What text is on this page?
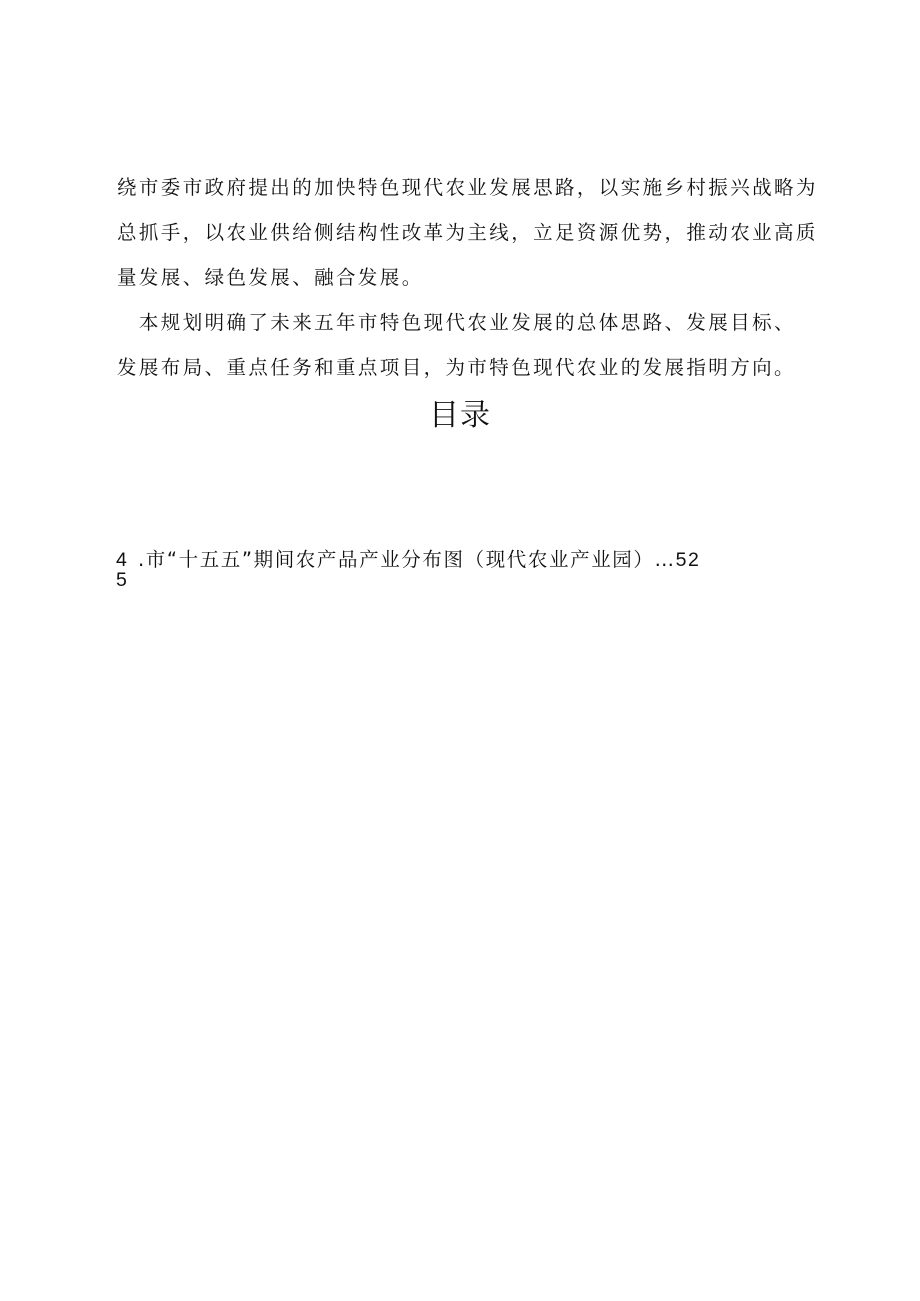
绕市委市政府提出的加快特色现代农业发展思路，以实施乡村振兴战略为
总抓手，以农业供给侧结构性改革为主线，立足资源优势，推动农业高质
量发展、绿色发展、融合发展。
　本规划明确了未来五年市特色现代农业发展的总体思路、发展目标、
发展布局、重点任务和重点项目，为市特色现代农业的发展指明方向。
目录
4 .市“十五五”期间农产品产业分布图（现代农业产业园）…52
5
